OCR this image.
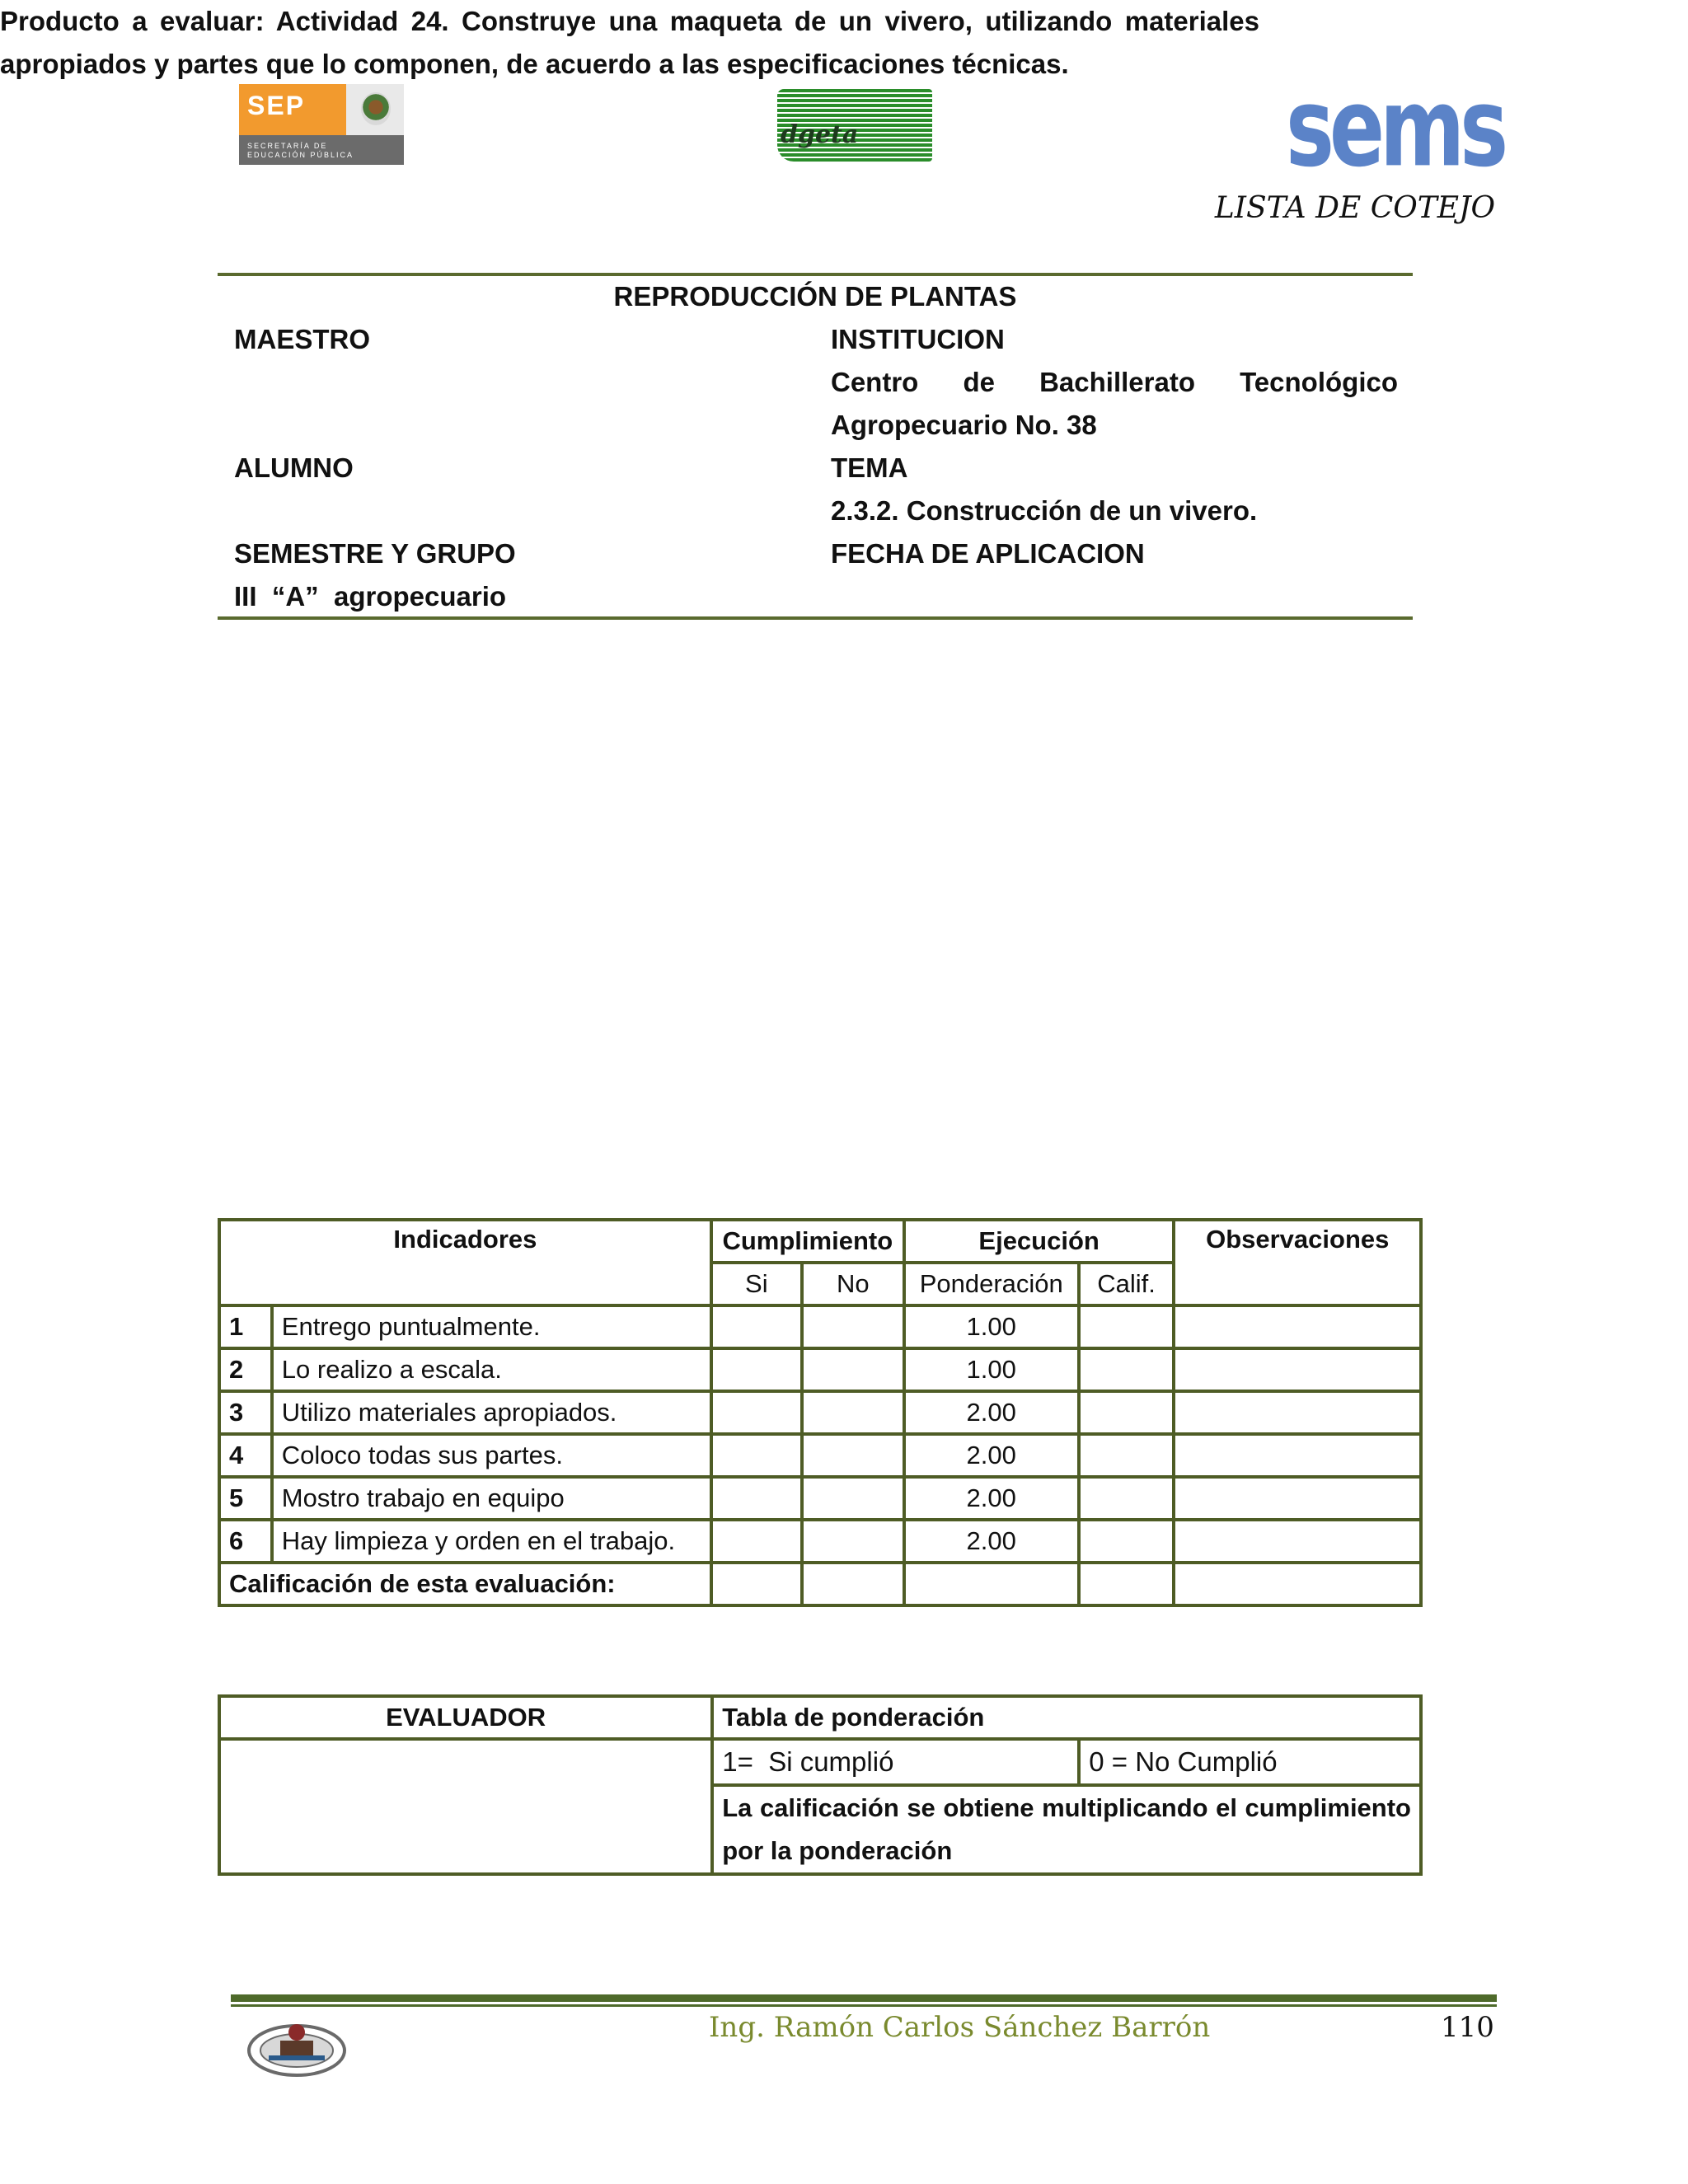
SEP
SECRETARÍA DE
EDUCACIÓN PÚBLICA
dgeta	sems
LISTA DE COTEJO
REPRODUCCIÓN DE PLANTAS
MAESTRO	INSTITUCION
Centro de Bachillerato Tecnológico
Agropecuario No. 38
ALUMNO	TEMA
2.3.2. Construcción de un vivero.
SEMESTRE Y GRUPO	FECHA DE APLICACION
III  “A”  agropecuario
Producto a evaluar: Actividad 24. Construye una maqueta de un vivero, utilizando materiales apropiados y partes que lo componen, de acuerdo a las especificaciones técnicas.
Indicadores		Cumplimiento		Ejecución		Observaciones
		Si	No	Ponderación	Calif.	
1	Entrego puntualmente.			1.00		
2	Lo realizo a escala.			1.00		
3	Utilizo materiales apropiados.			2.00		
4	Coloco todas sus partes.			2.00		
5	Mostro trabajo en equipo			2.00		
6	Hay limpieza y orden en el trabajo.			2.00		
Calificación de esta evaluación:						
EVALUADOR	Tabla de ponderación	
	1=  Si cumplió	0 = No Cumplió
	La calificación se obtiene multiplicando el cumplimiento por la ponderación	
Ing. Ramón Carlos Sánchez Barrón	110
